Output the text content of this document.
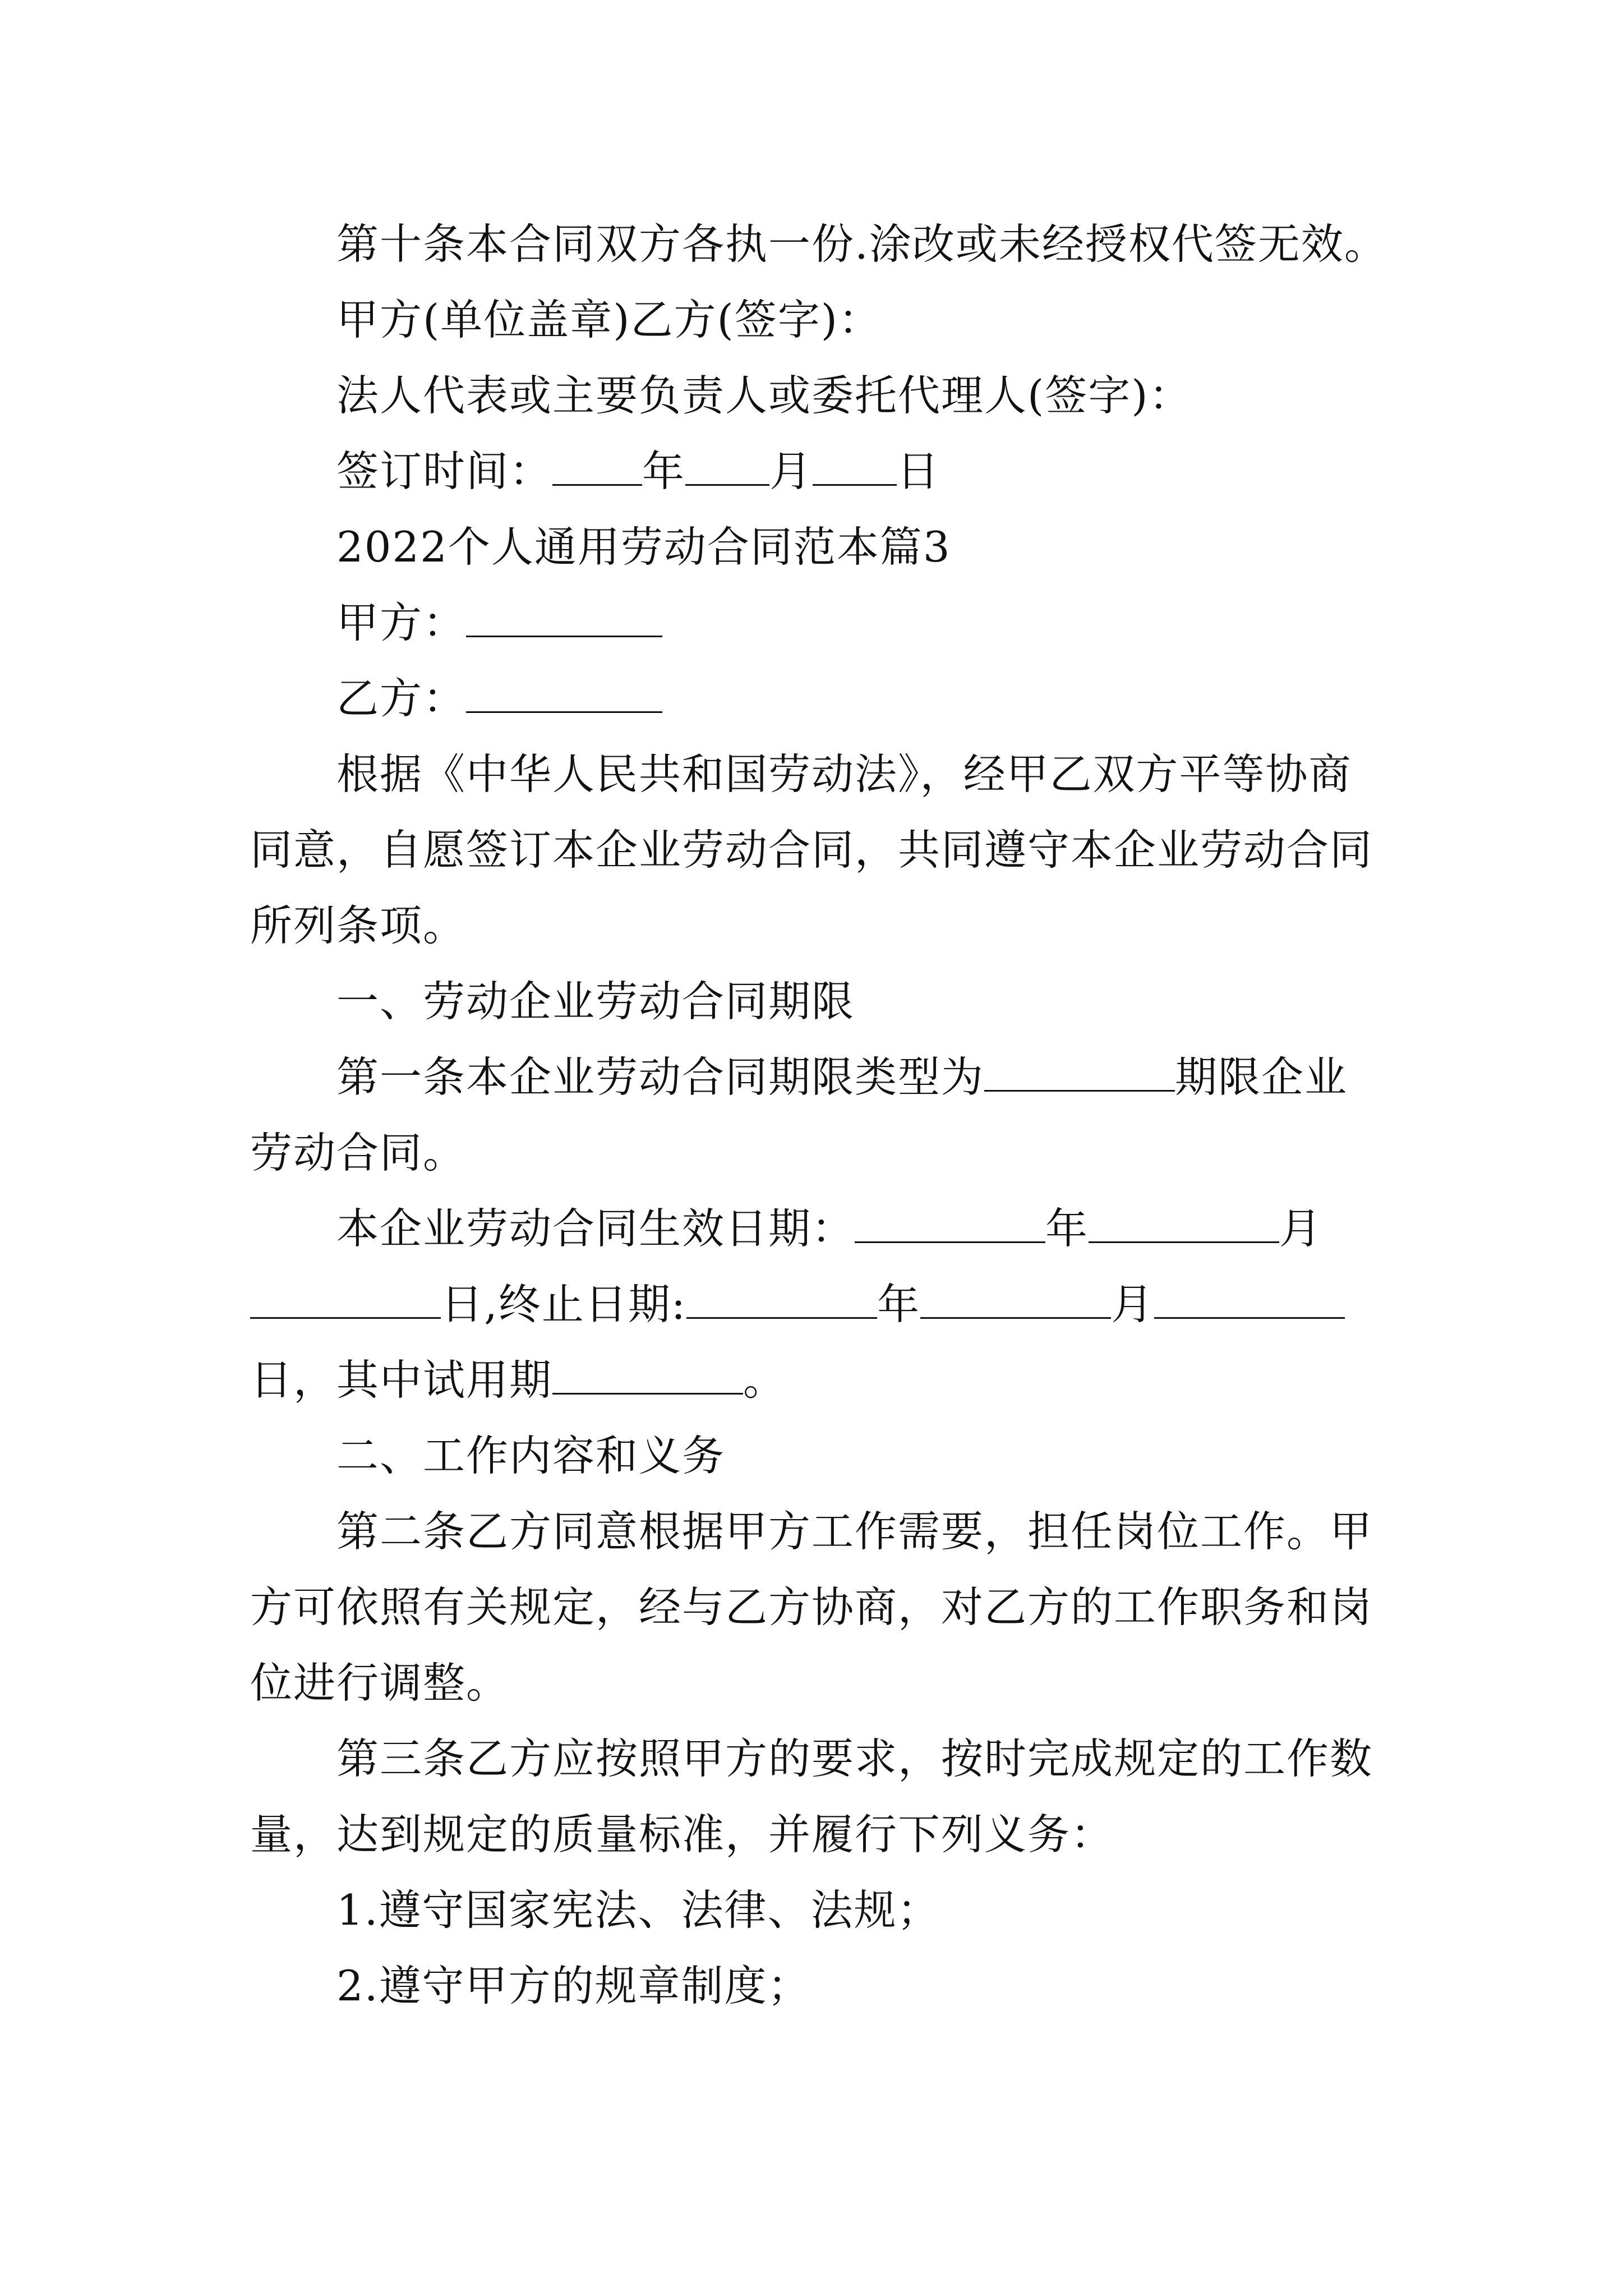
第十条本合同双方各执一份.涂改或未经授权代签无效。
甲方(单位盖章)乙方(签字)：
法人代表或主要负责人或委托代理人(签字)：
签订时间： 年 月 日
2022个人通用劳动合同范本篇3
甲方：
乙方：
根据《中华人民共和国劳动法》，经甲乙双方平等协商
同意，自愿签订本企业劳动合同，共同遵守本企业劳动合同
所列条项。
一、劳动企业劳动合同期限
第一条本企业劳动合同期限类型为	期限企业
劳动合同。
本企业劳动合同生效日期：	年	月
日,终止日期:	年	月
日，其中试用期	。
二、工作内容和义务
第二条乙方同意根据甲方工作需要，担任岗位工作。甲
方可依照有关规定，经与乙方协商，对乙方的工作职务和岗
位进行调整。
第三条乙方应按照甲方的要求，按时完成规定的工作数
量，达到规定的质量标准，并履行下列义务：
1.遵守国家宪法、法律、法规；
2.遵守甲方的规章制度；
